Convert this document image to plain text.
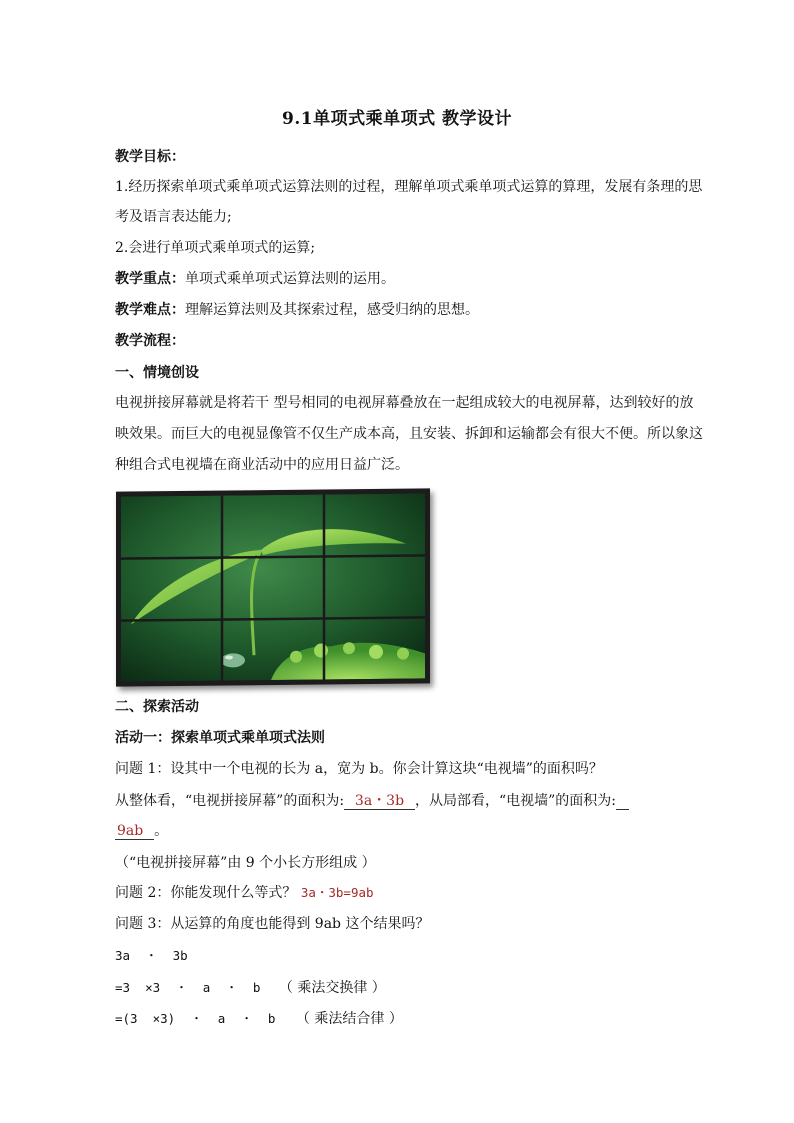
9.1单项式乘单项式 教学设计
教学目标：
1.经历探索单项式乘单项式运算法则的过程，理解单项式乘单项式运算的算理，发展有条理的思
考及语言表达能力;
2.会进行单项式乘单项式的运算;
教学重点：单项式乘单项式运算法则的运用。
教学难点：理解运算法则及其探索过程，感受归纳的思想。
教学流程：
一、情境创设
电视拼接屏幕就是将若干 型号相同的电视屏幕叠放在一起组成较大的电视屏幕，达到较好的放
映效果。而巨大的电视显像管不仅生产成本高，且安装、拆卸和运输都会有很大不便。所以象这
种组合式电视墙在商业活动中的应用日益广泛。
二、探索活动
活动一：探索单项式乘单项式法则
问题 1：设其中一个电视的长为 a，宽为 b。你会计算这块“电视墙”的面积吗？
从整体看，“电视拼接屏幕”的面积为:  3a・3b  ，从局部看，“电视墙”的面积为:
9ab  。
（“电视拼接屏幕”由 9 个小长方形组成 ）
问题 2：你能发现什么等式？ 3a・3b=9ab
问题 3：从运算的角度也能得到 9ab 这个结果吗？
3a  ・  3b
=3  ×3  ・  a  ・  b （ 乘法交换律 ）
=(3  ×3)  ・  a  ・  b （ 乘法结合律 ）
